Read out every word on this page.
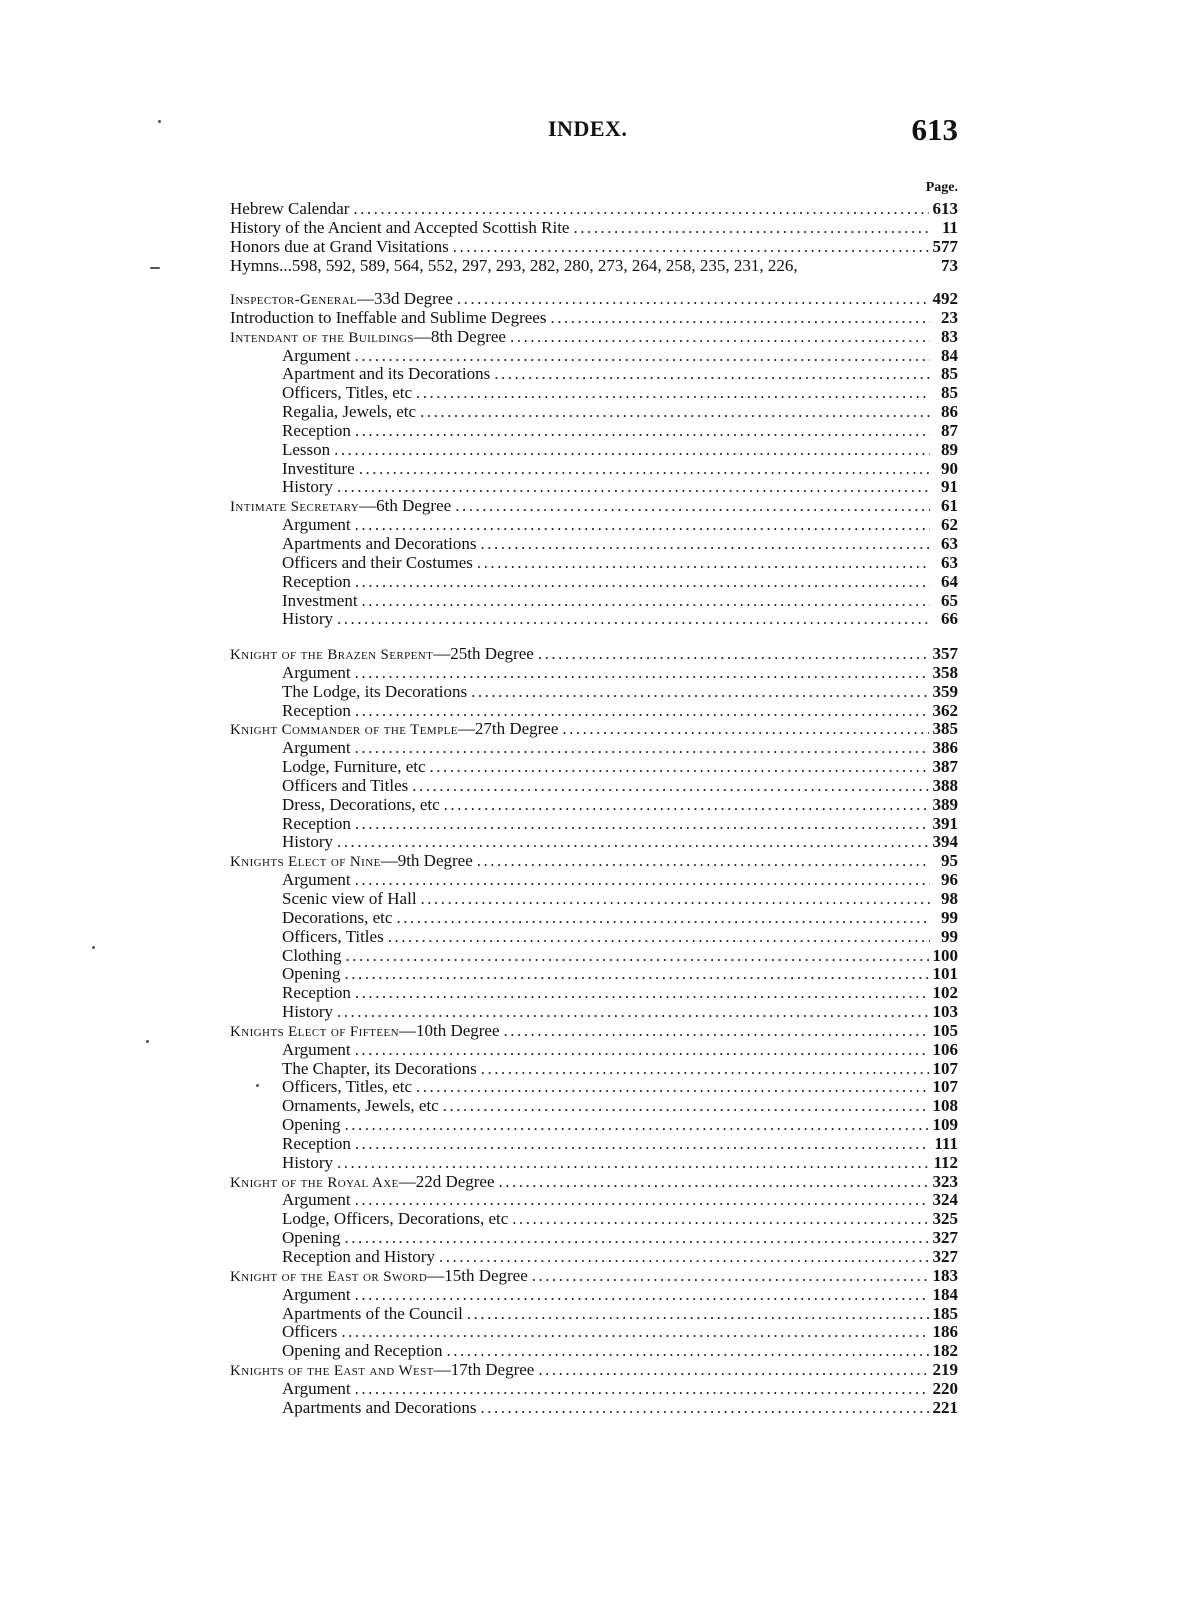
INDEX.	613
Page.
Hebrew Calendar .....	613
History of the Ancient and Accepted Scottish Rite .....	11
Honors due at Grand Visitations .....	577
Hymns...598, 592, 589, 564, 552, 297, 293, 282, 280, 273, 264, 258, 235, 231, 226,	73
Inspector-General—33d Degree .....	492
Introduction to Ineffable and Sublime Degrees .....	23
Intendant of the Buildings—8th Degree .....	83
Argument .....	84
Apartment and its Decorations .....	85
Officers, Titles, etc .....	85
Regalia, Jewels, etc .....	86
Reception .....	87
Lesson .....	89
Investiture .....	90
History .....	91
Intimate Secretary—6th Degree .....	61
Argument .....	62
Apartments and Decorations .....	63
Officers and their Costumes .....	63
Reception .....	64
Investment .....	65
History .....	66
Knight of the Brazen Serpent—25th Degree .....	357
Argument .....	358
The Lodge, its Decorations .....	359
Reception .....	362
Knight Commander of the Temple—27th Degree .....	385
Argument .....	386
Lodge, Furniture, etc .....	387
Officers and Titles .....	388
Dress, Decorations, etc .....	389
Reception .....	391
History .....	394
Knights Elect of Nine—9th Degree .....	95
Argument .....	96
Scenic view of Hall .....	98
Decorations, etc .....	99
Officers, Titles .....	99
Clothing .....	100
Opening .....	101
Reception .....	102
History .....	103
Knights Elect of Fifteen—10th Degree .....	105
Argument .....	106
The Chapter, its Decorations .....	107
Officers, Titles, etc .....	107
Ornaments, Jewels, etc .....	108
Opening .....	109
Reception .....	111
History .....	112
Knight of the Royal Axe—22d Degree .....	323
Argument .....	324
Lodge, Officers, Decorations, etc .....	325
Opening .....	327
Reception and History .....	327
Knight of the East or Sword—15th Degree .....	183
Argument .....	184
Apartments of the Council .....	185
Officers .....	186
Opening and Reception .....	182
Knights of the East and West—17th Degree .....	219
Argument .....	220
Apartments and Decorations .....	221
